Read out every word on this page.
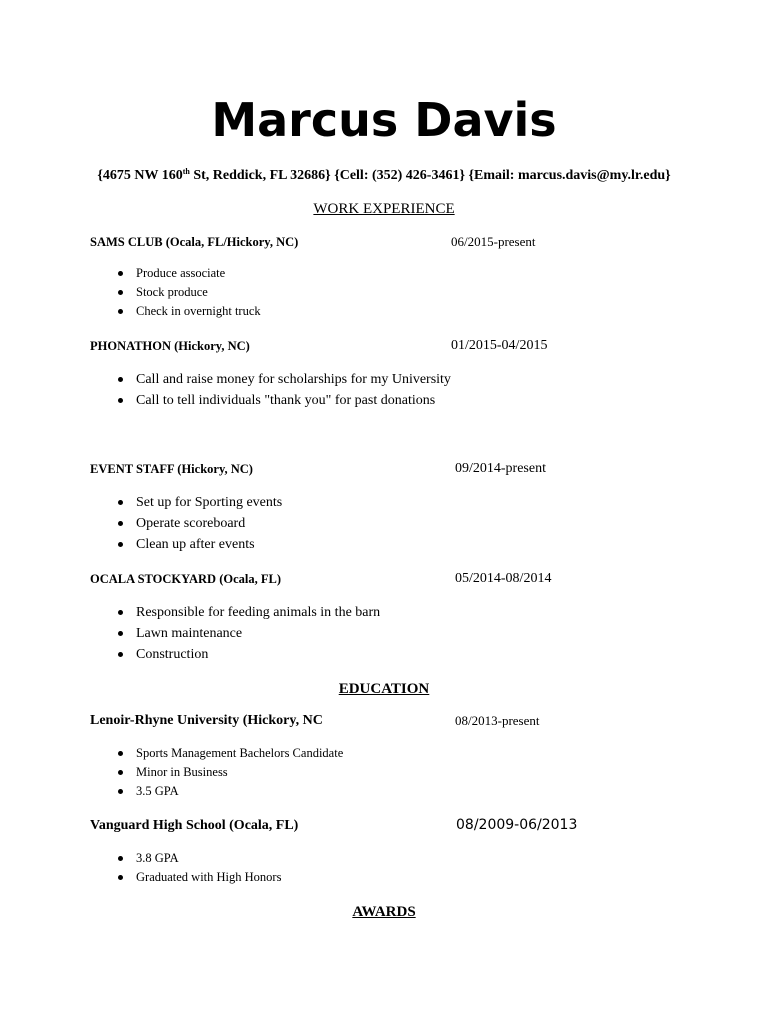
Marcus Davis
{4675 NW 160th St, Reddick, FL 32686} {Cell: (352) 426-3461} {Email: marcus.davis@my.lr.edu}
WORK EXPERIENCE
SAMS CLUB (Ocala, FL/Hickory, NC)	06/2015-present
Produce associate
Stock produce
Check in overnight truck
PHONATHON (Hickory, NC)	01/2015-04/2015
Call and raise money for scholarships for my University
Call to tell individuals "thank you" for past donations
EVENT STAFF (Hickory, NC)	09/2014-present
Set up for Sporting events
Operate scoreboard
Clean up after events
OCALA STOCKYARD (Ocala, FL)	05/2014-08/2014
Responsible for feeding animals in the barn
Lawn maintenance
Construction
EDUCATION
Lenoir-Rhyne University (Hickory, NC	08/2013-present
Sports Management Bachelors Candidate
Minor in Business
3.5 GPA
Vanguard High School (Ocala, FL)	08/2009-06/2013
3.8 GPA
Graduated with High Honors
AWARDS
